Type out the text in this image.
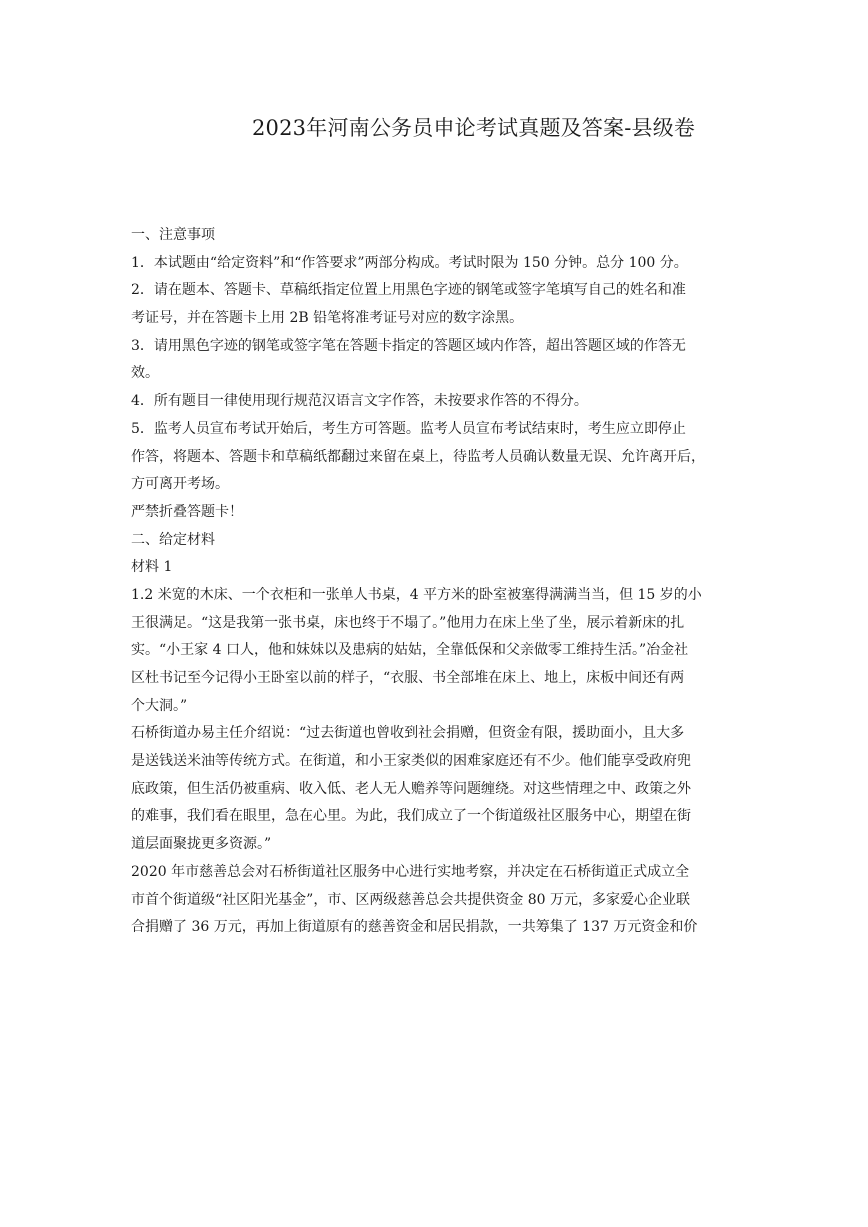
2023年河南公务员申论考试真题及答案-县级卷
一、注意事项
1．本试题由“给定资料”和“作答要求”两部分构成。考试时限为 150 分钟。总分 100 分。
2．请在题本、答题卡、草稿纸指定位置上用黑色字迹的钢笔或签字笔填写自己的姓名和准
考证号，并在答题卡上用 2B 铅笔将准考证号对应的数字涂黑。
3．请用黑色字迹的钢笔或签字笔在答题卡指定的答题区域内作答，超出答题区域的作答无
效。
4．所有题目一律使用现行规范汉语言文字作答，未按要求作答的不得分。
5．监考人员宣布考试开始后，考生方可答题。监考人员宣布考试结束时，考生应立即停止
作答，将题本、答题卡和草稿纸都翻过来留在桌上，待监考人员确认数量无误、允许离开后，
方可离开考场。
严禁折叠答题卡！
二、给定材料
材料 1
1.2 米宽的木床、一个衣柜和一张单人书桌，4 平方米的卧室被塞得满满当当，但 15 岁的小
王很满足。“这是我第一张书桌，床也终于不塌了。”他用力在床上坐了坐，展示着新床的扎
实。“小王家 4 口人，他和妹妹以及患病的姑姑，全靠低保和父亲做零工维持生活。”冶金社
区杜书记至今记得小王卧室以前的样子，“衣服、书全部堆在床上、地上，床板中间还有两
个大洞。”
石桥街道办易主任介绍说：“过去街道也曾收到社会捐赠，但资金有限，援助面小，且大多
是送钱送米油等传统方式。在街道，和小王家类似的困难家庭还有不少。他们能享受政府兜
底政策，但生活仍被重病、收入低、老人无人赡养等问题缠绕。对这些情理之中、政策之外
的难事，我们看在眼里，急在心里。为此，我们成立了一个街道级社区服务中心，期望在街
道层面聚拢更多资源。”
2020 年市慈善总会对石桥街道社区服务中心进行实地考察，并决定在石桥街道正式成立全
市首个街道级“社区阳光基金”，市、区两级慈善总会共提供资金 80 万元，多家爱心企业联
合捐赠了 36 万元，再加上街道原有的慈善资金和居民捐款，一共筹集了 137 万元资金和价
